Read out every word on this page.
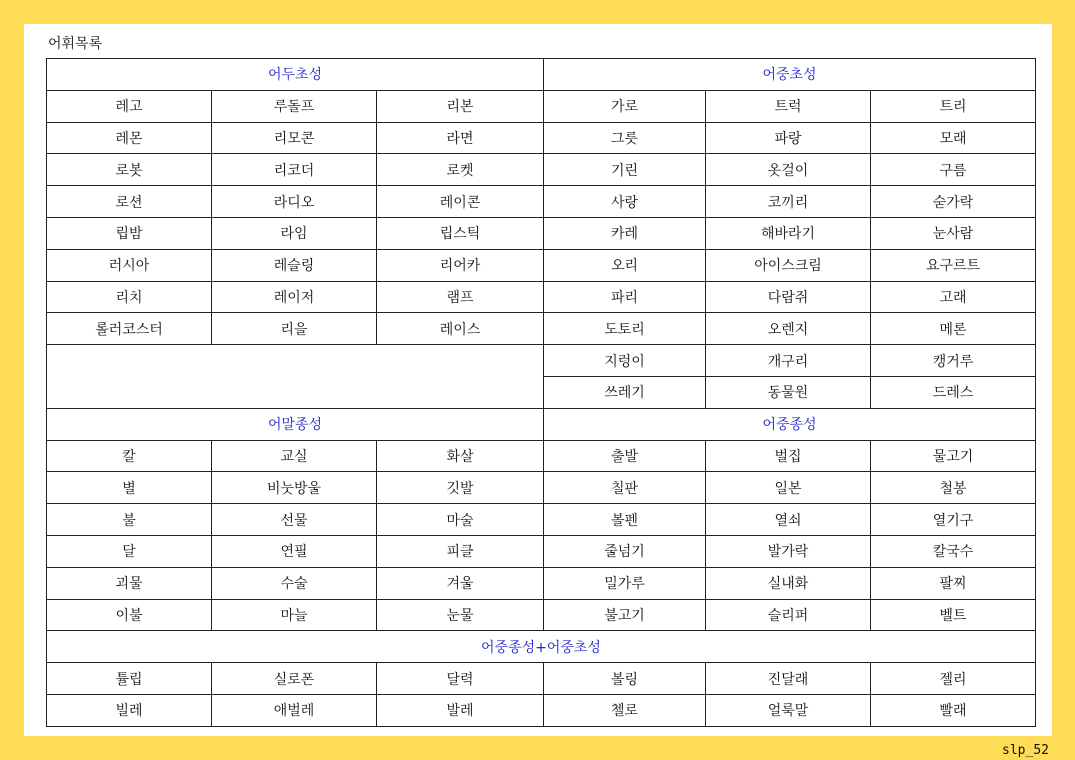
어휘목록
어두초성			어중초성		
레고	루돌프	리본	가로	트럭	트리
레몬	리모콘	라면	그릇	파랑	모래
로봇	리코더	로켓	기린	옷걸이	구름
로션	라디오	레이콘	사랑	코끼리	숟가락
립밤	라임	립스틱	카레	해바라기	눈사람
러시아	레슬링	리어카	오리	아이스크림	요구르트
리치	레이저	램프	파리	다람쥐	고래
롤러코스터	리을	레이스	도토리	오렌지	메론
			지렁이	개구리	캥거루
			쓰레기	동물원	드레스
어말종성			어중종성		
칼	교실	화살	출발	벌집	물고기
별	비눗방울	깃발	칠판	일본	철봉
불	선물	마술	볼펜	열쇠	열기구
달	연필	피클	줄넘기	발가락	칼국수
괴물	수술	겨울	밀가루	실내화	팔찌
이불	마늘	눈물	불고기	슬리퍼	벨트
어중종성+어중초성					
튤립	실로폰	달력	볼링	진달래	젤리
빌레	애벌레	발레	첼로	얼룩말	빨래
slp_52
